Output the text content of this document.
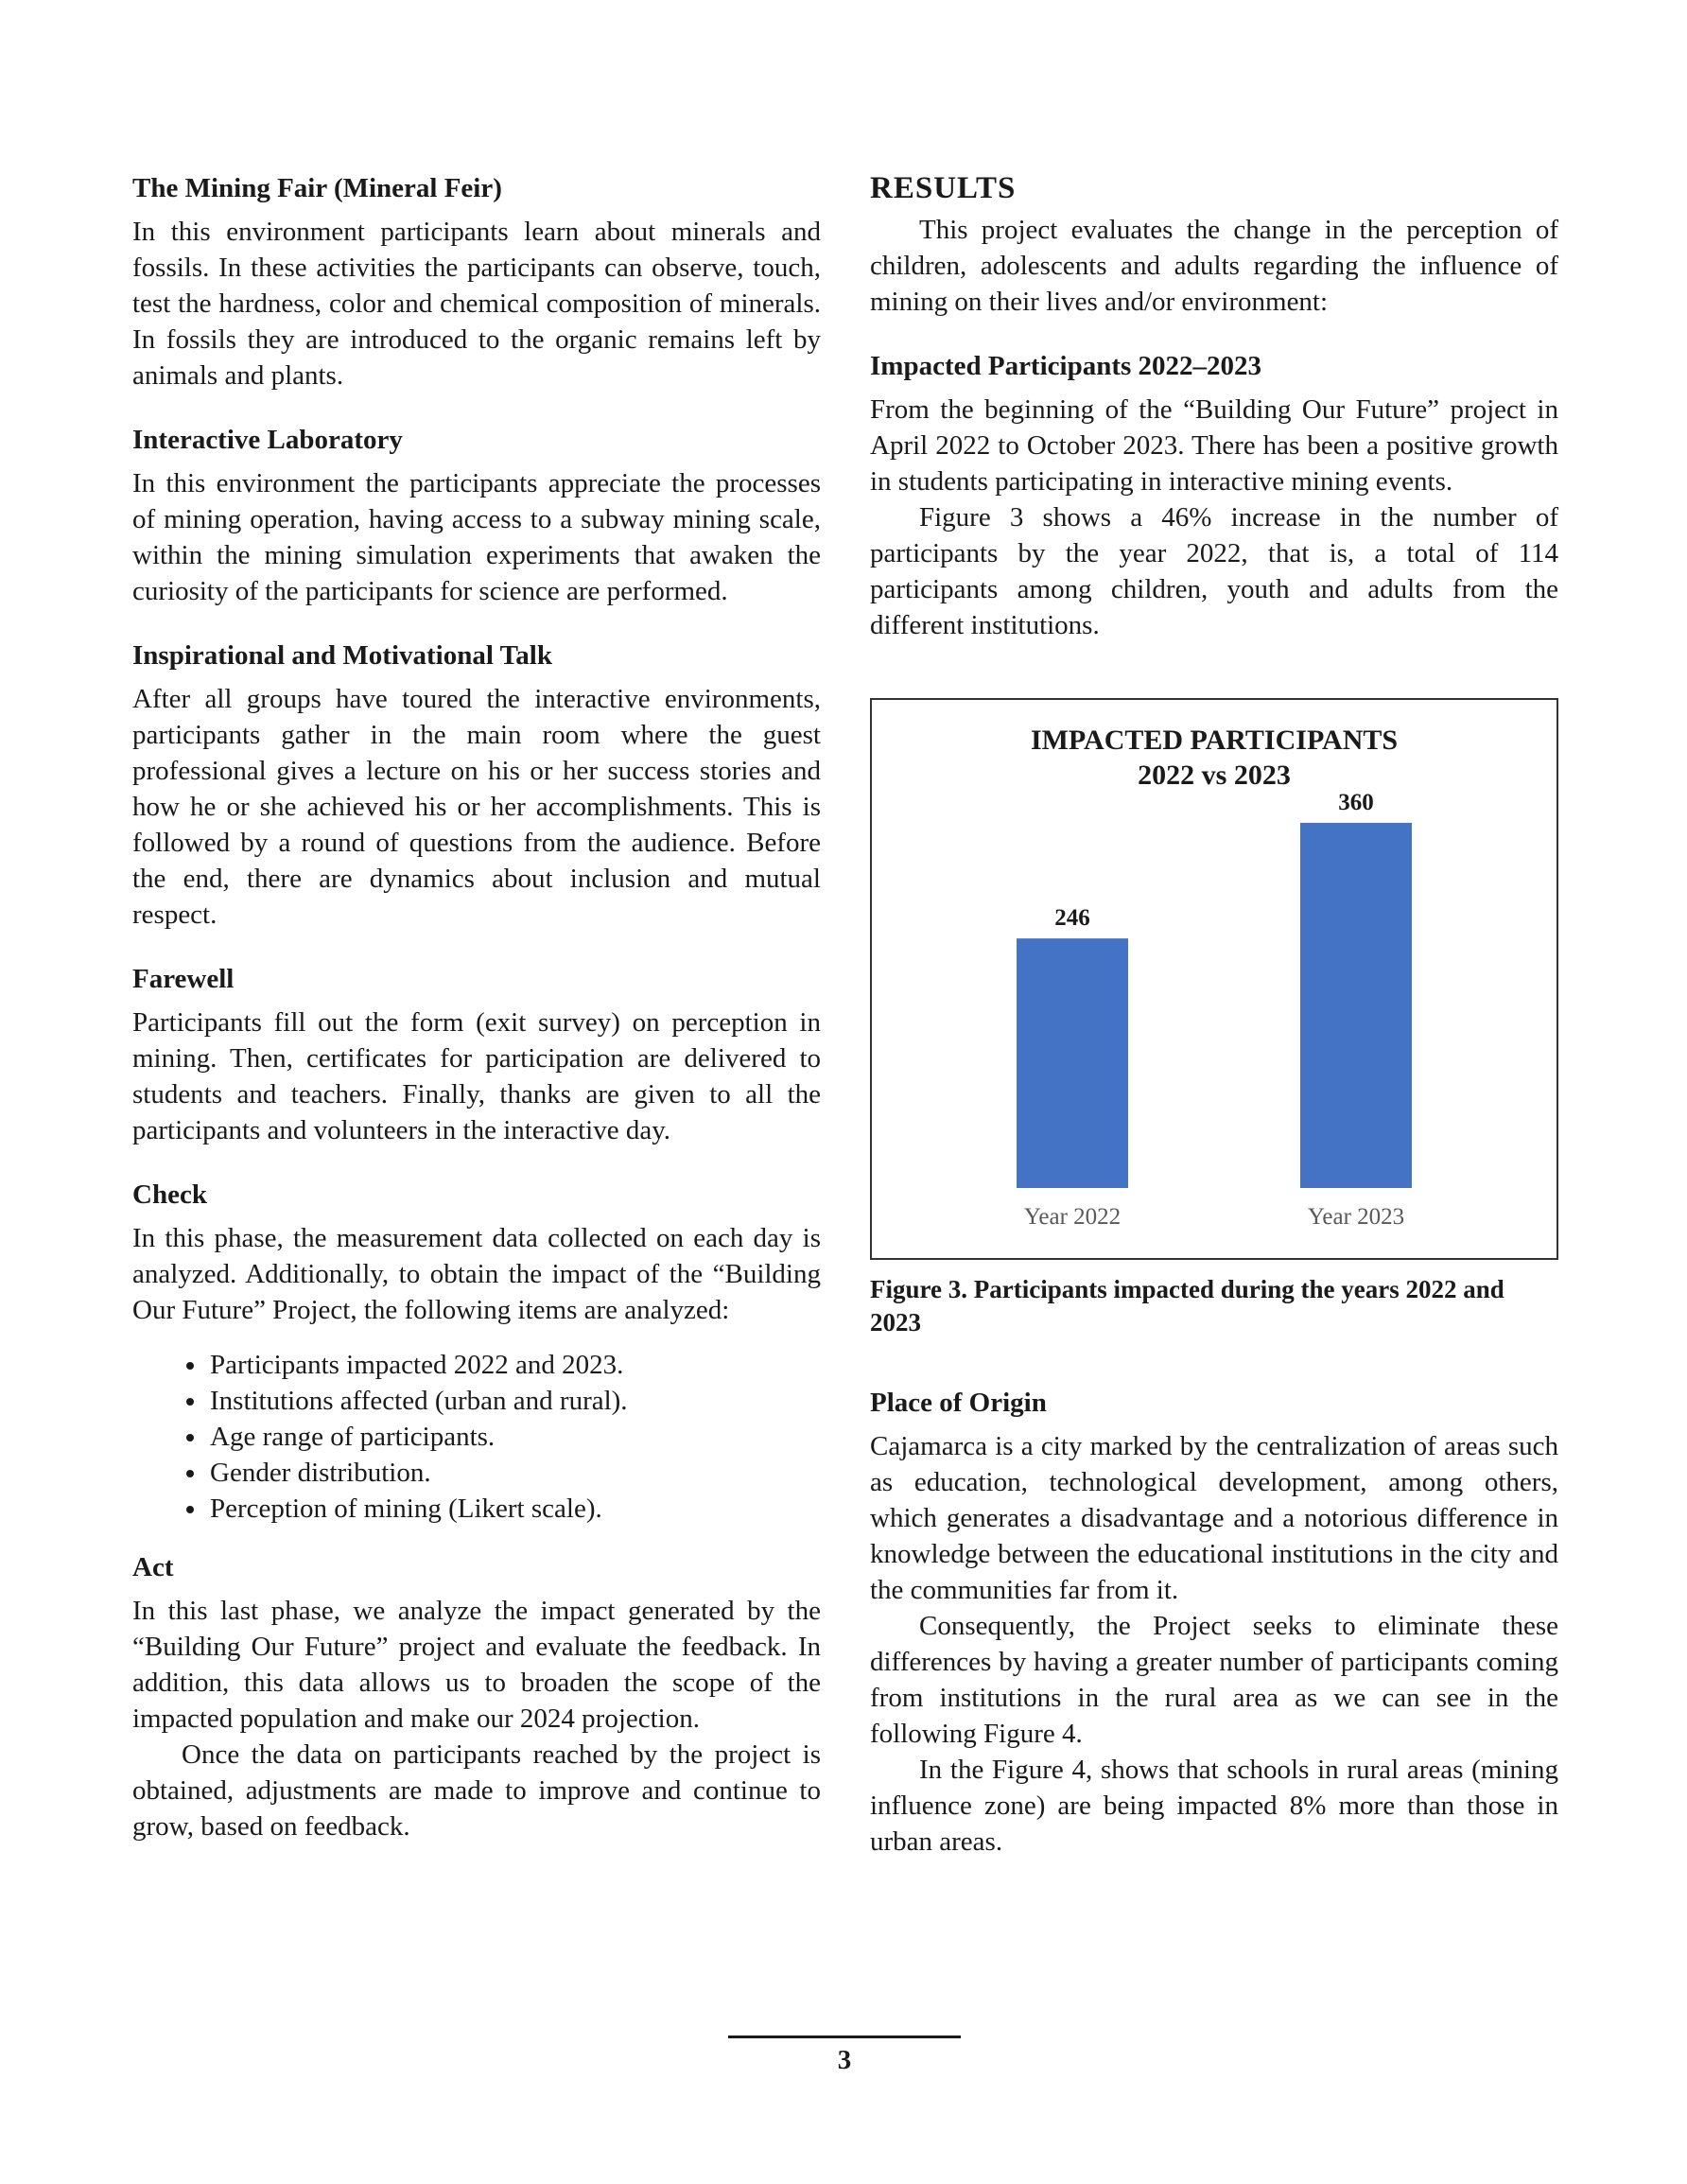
The Mining Fair (Mineral Feir)

In this environment participants learn about minerals and fossils. In these activities the participants can observe, touch, test the hardness, color and chemical composition of minerals. In fossils they are introduced to the organic remains left by animals and plants.

Interactive Laboratory

In this environment the participants appreciate the processes of mining operation, having access to a subway mining scale, within the mining simulation experiments that awaken the curiosity of the participants for science are performed.

Inspirational and Motivational Talk

After all groups have toured the interactive environments, participants gather in the main room where the guest professional gives a lecture on his or her success stories and how he or she achieved his or her accomplishments. This is followed by a round of questions from the audience. Before the end, there are dynamics about inclusion and mutual respect.

Farewell

Participants fill out the form (exit survey) on perception in mining. Then, certificates for participation are delivered to students and teachers. Finally, thanks are given to all the participants and volunteers in the interactive day.

Check

In this phase, the measurement data collected on each day is analyzed. Additionally, to obtain the impact of the “Building Our Future” Project, the following items are analyzed:

• Participants impacted 2022 and 2023.
• Institutions affected (urban and rural).
• Age range of participants.
• Gender distribution.
• Perception of mining (Likert scale).
Act

In this last phase, we analyze the impact generated by the “Building Our Future” project and evaluate the feedback. In addition, this data allows us to broaden the scope of the impacted population and make our 2024 projection.

Once the data on participants reached by the project is obtained, adjustments are made to improve and continue to grow, based on feedback.

RESULTS

This project evaluates the change in the perception of children, adolescents and adults regarding the influence of mining on their lives and/or environment:

Impacted Participants 2022–2023

From the beginning of the “Building Our Future” project in April 2022 to October 2023. There has been a positive growth in students participating in interactive mining events.

Figure 3 shows a 46% increase in the number of participants by the year 2022, that is, a total of 114 participants among children, youth and adults from the different institutions.

IMPACTED PARTICIPANTS
2022 vs 2023
246
Year 2022
360
Year 2023

Figure 3. Participants impacted during the years 2022 and 2023

Place of Origin

Cajamarca is a city marked by the centralization of areas such as education, technological development, among others, which generates a disadvantage and a notorious difference in knowledge between the educational institutions in the city and the communities far from it.

Consequently, the Project seeks to eliminate these differences by having a greater number of participants coming from institutions in the rural area as we can see in the following Figure 4.

In the Figure 4, shows that schools in rural areas (mining influence zone) are being impacted 8% more than those in urban areas.

3
